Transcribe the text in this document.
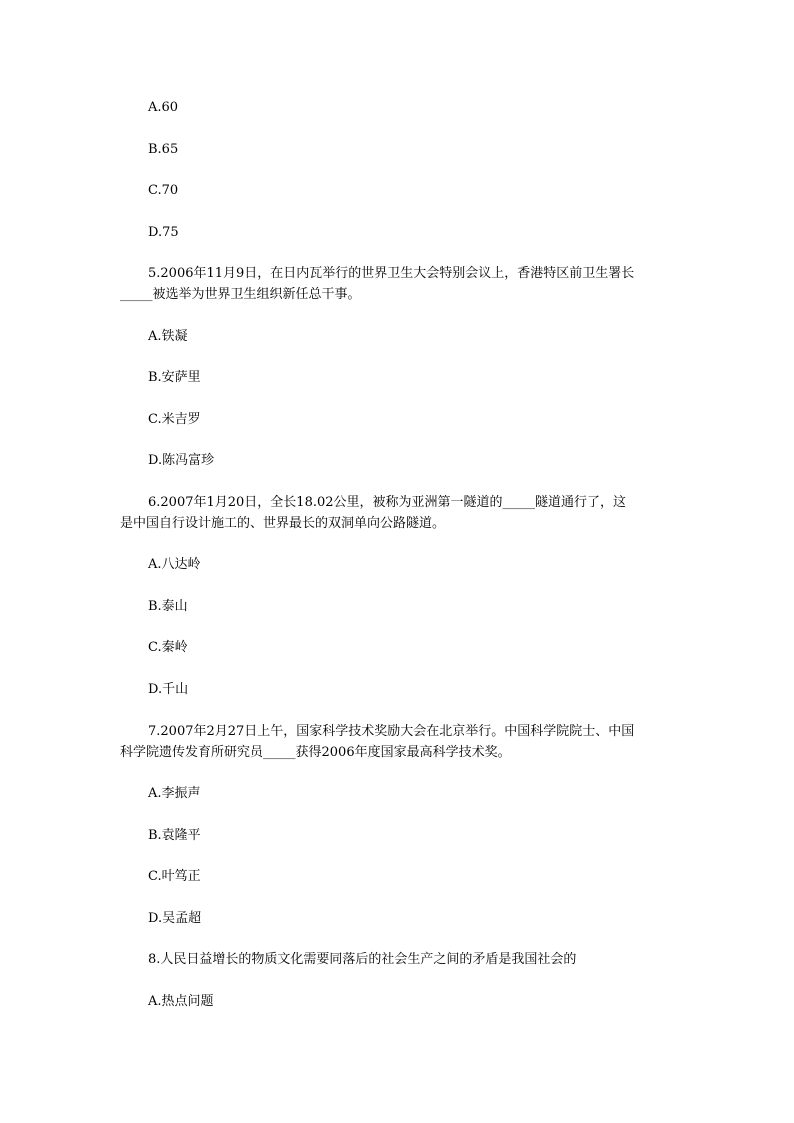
A.60
B.65
C.70
D.75
5.2006年11月9日，在日内瓦举行的世界卫生大会特别会议上，香港特区前卫生署长
_____被选举为世界卫生组织新任总干事。
A.铁凝
B.安萨里
C.米吉罗
D.陈冯富珍
6.2007年1月20日，全长18.02公里，被称为亚洲第一隧道的_____隧道通行了，这
是中国自行设计施工的、世界最长的双洞单向公路隧道。
A.八达岭
B.泰山
C.秦岭
D.千山
7.2007年2月27日上午，国家科学技术奖励大会在北京举行。中国科学院院士、中国
科学院遗传发育所研究员_____获得2006年度国家最高科学技术奖。
A.李振声
B.袁隆平
C.叶笃正
D.吴孟超
8.人民日益增长的物质文化需要同落后的社会生产之间的矛盾是我国社会的
A.热点问题
